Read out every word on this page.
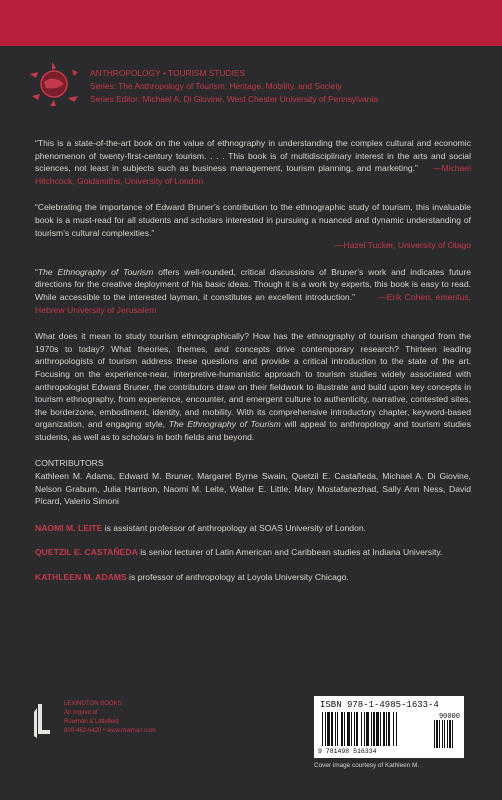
ANTHROPOLOGY • TOURISM STUDIES
Series: The Anthropology of Tourism: Heritage, Mobility, and Society
Series Editor: Michael A. Di Giovine, West Chester University of Pennsylvania
“This is a state-of-the-art book on the value of ethnography in understanding the complex cultural and economic phenomenon of twenty-first-century tourism. . . . This book is of multidisciplinary interest in the arts and social sciences, not least in subjects such as business management, tourism planning, and marketing.” —Michael Hitchcock, Goldsmiths, University of London
“Celebrating the importance of Edward Bruner’s contribution to the ethnographic study of tourism, this invaluable book is a must-read for all students and scholars interested in pursuing a nuanced and dynamic understanding of tourism’s cultural complexities.”
—Hazel Tucker, University of Otago
“The Ethnography of Tourism offers well-rounded, critical discussions of Bruner’s work and indicates future directions for the creative deployment of his basic ideas. Though it is a work by experts, this book is easy to read. While accessible to the interested layman, it constitutes an excellent introduction.”	—Erik Cohen, emeritus, Hebrew University of Jerusalem
What does it mean to study tourism ethnographically? How has the ethnography of tourism changed from the 1970s to today? What theories, themes, and concepts drive contemporary research? Thirteen leading anthropologists of tourism address these questions and provide a critical introduction to the state of the art. Focusing on the experience-near, interpretive-humanistic approach to tourism studies widely associated with anthropologist Edward Bruner, the contributors draw on their fieldwork to illustrate and build upon key concepts in tourism ethnography, from experience, encounter, and emergent culture to authenticity, narrative, contested sites, the borderzone, embodiment, identity, and mobility. With its comprehensive introductory chapter, keyword-based organization, and engaging style, The Ethnography of Tourism will appeal to anthropology and tourism studies students, as well as to scholars in both fields and beyond.
CONTRIBUTORS
Kathleen M. Adams, Edward M. Bruner, Margaret Byrne Swain, Quetzil E. Castañeda, Michael A. Di Giovine, Nelson Graburn, Julia Harrison, Naomi M. Leite, Walter E. Little, Mary Mostafanezhad, Sally Ann Ness, David Picard, Valerio Simoni
NAOMI M. LEITE is assistant professor of anthropology at SOAS University of London.
QUETZIL E. CASTAÑEDA is senior lecturer of Latin American and Caribbean studies at Indiana University.
KATHLEEN M. ADAMS is professor of anthropology at Loyola University Chicago.
LEXINGTON BOOKS
An imprint of
Rowman & Littlefield
800-462-6420 • www.rowman.com
ISBN 978-1-4985-1633-4
90000
9 781498 516334
Cover image courtesy of Kathleen M.
